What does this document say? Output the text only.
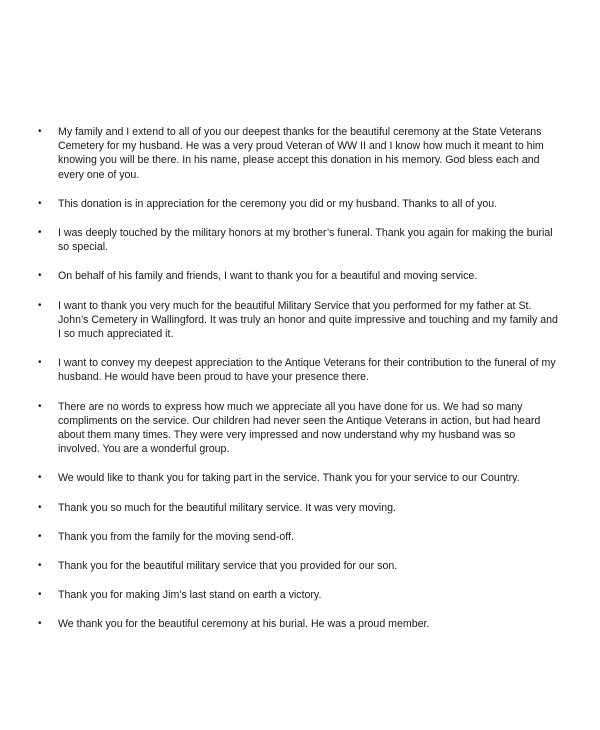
•	My family and I extend to all of you our deepest thanks for the beautiful ceremony at the State Veterans Cemetery for my husband. He was a very proud Veteran of WW II and I know how much it meant to him knowing you will be there. In his name, please accept this donation in his memory. God bless each and every one of you.
•	This donation is in appreciation for the ceremony you did or my husband. Thanks to all of you.
•	I was deeply touched by the military honors at my brother’s funeral. Thank you again for making the burial so special.
•	On behalf of his family and friends, I want to thank you for a beautiful and moving service.
•	I want to thank you very much for the beautiful Military Service that you performed for my father at St. John’s Cemetery in Wallingford. It was truly an honor and quite impressive and touching and my family and I so much appreciated it.
•	I want to convey my deepest appreciation to the Antique Veterans for their contribution to the funeral of my husband. He would have been proud to have your presence there.
•	There are no words to express how much we appreciate all you have done for us. We had so many compliments on the service. Our children had never seen the Antique Veterans in action, but had heard about them many times. They were very impressed and now understand why my husband was so involved. You are a wonderful group.
•	We would like to thank you for taking part in the service. Thank you for your service to our Country.
•	Thank you so much for the beautiful military service. It was very moving.
•	Thank you from the family for the moving send-off.
•	Thank you for the beautiful military service that you provided for our son.
•	Thank you for making Jim’s last stand on earth a victory.
•	We thank you for the beautiful ceremony at his burial. He was a proud member.
